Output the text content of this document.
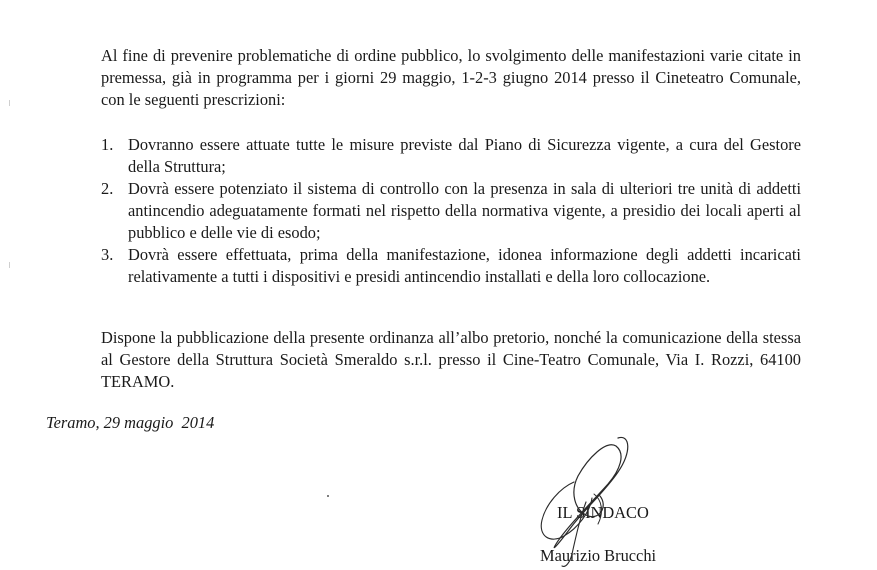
Al fine di prevenire problematiche di ordine pubblico, lo svolgimento delle manifestazioni varie citate in premessa, già in programma per i giorni 29 maggio, 1-2-3 giugno 2014 presso il Cineteatro Comunale, con le seguenti prescrizioni:

1. Dovranno essere attuate tutte le misure previste dal Piano di Sicurezza vigente, a cura del Gestore della Struttura;
2. Dovrà essere potenziato il sistema di controllo con la presenza in sala di ulteriori tre unità di addetti antincendio adeguatamente formati nel rispetto della normativa vigente, a presidio dei locali aperti al pubblico e delle vie di esodo;
3. Dovrà essere effettuata, prima della manifestazione, idonea informazione degli addetti incaricati relativamente a tutti i dispositivi e presidi antincendio installati e della loro collocazione.

Dispone la pubblicazione della presente ordinanza all’albo pretorio, nonché la comunicazione della stessa al Gestore della Struttura Società Smeraldo s.r.l. presso il Cine-Teatro Comunale, Via I. Rozzi, 64100 TERAMO.

Teramo, 29 maggio  2014
IL SINDACO
Maurizio Brucchi
